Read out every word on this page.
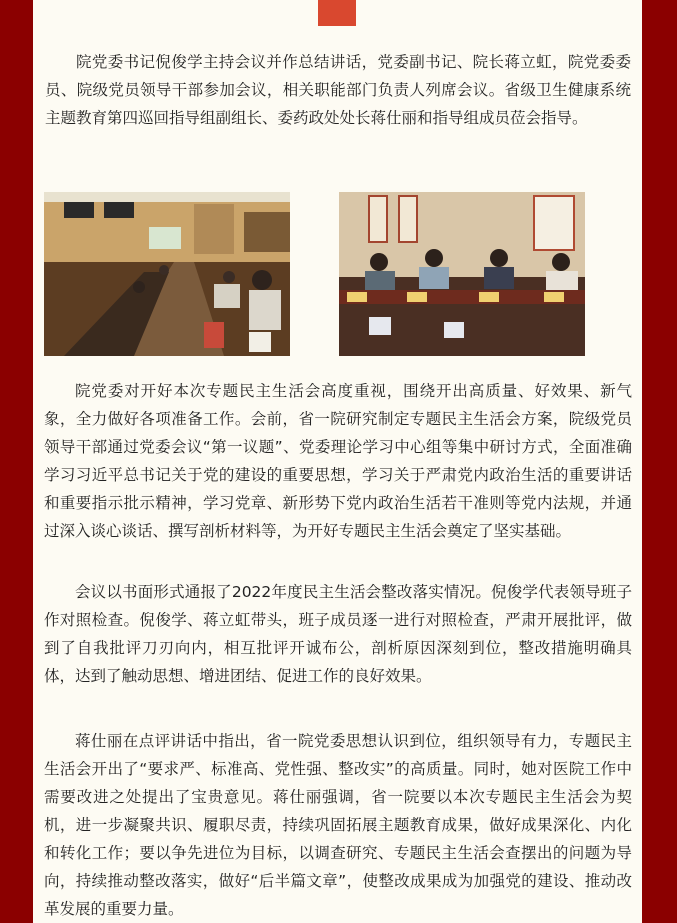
院党委书记倪俊学主持会议并作总结讲话，党委副书记、院长蒋立虹，院党委委员、院级党员领导干部参加会议，相关职能部门负责人列席会议。省级卫生健康系统主题教育第四巡回指导组副组长、委药政处处长蒋仕丽和指导组成员莅会指导。

院党委对开好本次专题民主生活会高度重视，围绕开出高质量、好效果、新气象，全力做好各项准备工作。会前，省一院研究制定专题民主生活会方案，院级党员领导干部通过党委会议“第一议题”、党委理论学习中心组等集中研讨方式，全面准确学习习近平总书记关于党的建设的重要思想，学习关于严肃党内政治生活的重要讲话和重要指示批示精神，学习党章、新形势下党内政治生活若干准则等党内法规，并通过深入谈心谈话、撰写剖析材料等，为开好专题民主生活会奠定了坚实基础。

会议以书面形式通报了2022年度民主生活会整改落实情况。倪俊学代表领导班子作对照检查。倪俊学、蒋立虹带头，班子成员逐一进行对照检查，严肃开展批评，做到了自我批评刀刃向内，相互批评开诚布公，剖析原因深刻到位，整改措施明确具体，达到了触动思想、增进团结、促进工作的良好效果。

蒋仕丽在点评讲话中指出，省一院党委思想认识到位，组织领导有力，专题民主生活会开出了“要求严、标准高、党性强、整改实”的高质量。同时，她对医院工作中需要改进之处提出了宝贵意见。蒋仕丽强调，省一院要以本次专题民主生活会为契机，进一步凝聚共识、履职尽责，持续巩固拓展主题教育成果，做好成果深化、内化和转化工作；要以争先进位为目标，以调查研究、专题民主生活会查摆出的问题为导向，持续推动整改落实，做好“后半篇文章”，使整改成果成为加强党的建设、推动改革发展的重要力量。
